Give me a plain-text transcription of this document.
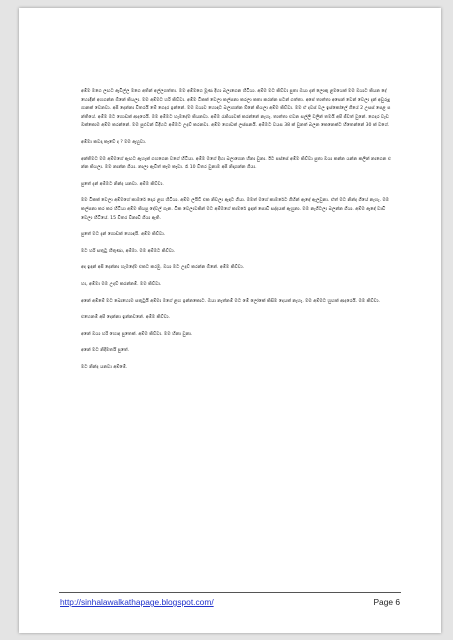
අම්ම මගෙ ලඟට ඇවිල්ල මගෙ අතින් අල්ලගත්තා. මම අම්මගෙ මූණ දිහා බලාගෙන හිටියා. අම්ම මට කිව්වා පුතා ඔයා දැන් ලොකු ළමයෙක් මම ඔයාට කියන දේ හොඳින් අහගන්න ඕනේ කියලා. මම අම්මට හරි කිව්වා. අම්ම ටිකක් වෙලා කල්පනා කරලා කතා කරන්න පටන් ගත්තා. අපේ තාත්තා අපෙන් වෙන් වෙලා දැන් අවුරුදු ගානක් වෙනවා. අපි දෙන්නා විතරයි මේ ගෙදර ඉන්නේ. මම ඔයාව හොඳට බලාගන්න ඕනේ කියලා අම්ම කිව්වා. මම ඒ දවස් වල ඉස්කෝලේ ගියේ 2 උසස් පෙළ පන්තියේ. අම්ම මට ගොඩක් ආදරෙයි. මම අම්මට හැමදේම කියනවා. අම්ම රැකියාවක් කරන්නේ නැහැ. තාත්තා එවන සල්ලි වලින් තමයි අපි ජීවත් වුනේ. ගෙදර වැඩ ඔක්කොම අම්ම කරන්නේ. මම පුළුවන් විදිහට අම්මට උදව් කරනවා. අම්ම ගොඩක් ලස්සනයි. අම්මට වයස 38 ක් වුනත් බලන කෙනෙක්ට හිතෙන්නේ 30 ක් වගේ.

අම්මා කවදා කෑවේ ද ? මම ඇහුවා.

අන්තිමට මම අම්මගේ ඇඟට ඇහැක් ගහගෙන වගේ හිටියා. අම්ම මගේ දිහා බලාගෙන හිනා වුනා. ඊට පස්සේ අම්ම කිව්වා පුතා ඔයා කන්න යන්න කලින් නාගෙන එන්න කියලා. මම නාන්න ගියා. නාලා ඇවිත් කෑම කෑවා. රෑ 10 විතර වුනාම අපි නිදාගන්න ගියා.

පුතේ දැන් අම්මට නින්ද යනවා. අම්ම කිව්වා.

මම ටිකක් වෙලා අම්මගේ කාමරේ දොර ළඟ හිටියා. අම්ම ලයිට් එක නිවලා ඇඳට ගියා. මමත් මගේ කාමරේට ගිහින් ඇඳේ ඇලවුනා. ඒත් මට නින්ද ගියේ නැහැ. මම කල්පනා කර කර හිටියා අම්ම කියපු දේවල් ගැන. ටික වෙලාවකින් මට අම්මගේ කාමරේ ඉඳන් පොඩි සද්දයක් ඇහුනා. මම නැගිටලා බලන්න ගියා. අම්ම ඇඳේ වාඩි වෙලා හිටියේ. 15 විතර විනාඩි ගියා ඇති.

පුතේ මට දැන් ගොඩක් හොඳයි. අම්ම කිව්වා.

මට හරි සතුටු හිතුණා, අම්මා. මම අම්මට කිව්වා.

අද ඉඳන් අපි දෙන්නා හැමදේම එකට කරමු. ඔයා මට උදව් කරන්න ඕනේ. අම්ම කිව්වා.

හා, අම්මා මම උදව් කරන්නම්. මම කිව්වා.

අනේ අම්මේ මට බොහොම සතුටුයි අම්මා මගේ ළඟ ඉන්නකොට. ඔයා නැත්නම් මට මේ ලෝකේ කිසිම දෙයක් නැහැ. මම අම්මට හුඟක් ආදරෙයි. මම කිව්වා.

එහෙනම් අපි දෙන්නා ඉන්නවනේ. අම්ම කිව්වා.

අනේ ඔයා හරි හොඳ පුතෙක්. අම්ම කිව්වා. මම හිනා වුනා.

අනේ මට නිදිමතයි පුතේ.

මට නින්ද යනවා අම්මේ.

http://sinhalawalkathapage.blogspot.com/	Page 6
